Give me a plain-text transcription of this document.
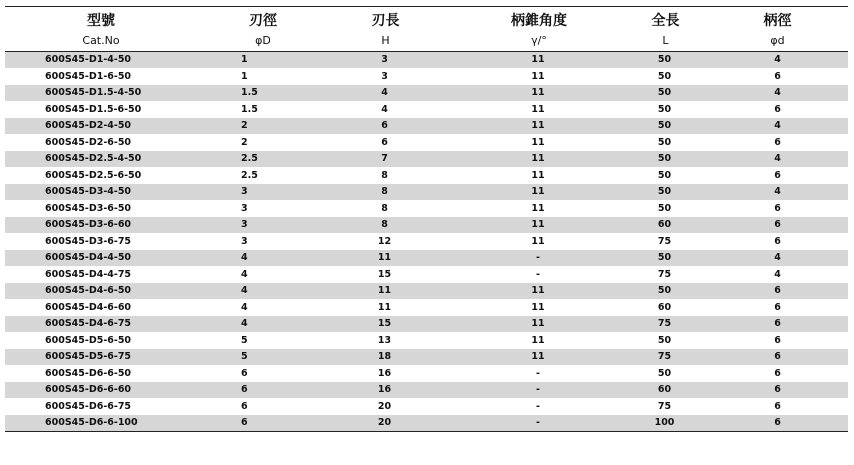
型號	刃徑	刃長	柄錐角度	全長	柄徑
Cat.No	φD	H	γ/°	L	φd
600S45-D1-4-50	1	3	11	50	4
600S45-D1-6-50	1	3	11	50	6
600S45-D1.5-4-50	1.5	4	11	50	4
600S45-D1.5-6-50	1.5	4	11	50	6
600S45-D2-4-50	2	6	11	50	4
600S45-D2-6-50	2	6	11	50	6
600S45-D2.5-4-50	2.5	7	11	50	4
600S45-D2.5-6-50	2.5	8	11	50	6
600S45-D3-4-50	3	8	11	50	4
600S45-D3-6-50	3	8	11	50	6
600S45-D3-6-60	3	8	11	60	6
600S45-D3-6-75	3	12	11	75	6
600S45-D4-4-50	4	11	-	50	4
600S45-D4-4-75	4	15	-	75	4
600S45-D4-6-50	4	11	11	50	6
600S45-D4-6-60	4	11	11	60	6
600S45-D4-6-75	4	15	11	75	6
600S45-D5-6-50	5	13	11	50	6
600S45-D5-6-75	5	18	11	75	6
600S45-D6-6-50	6	16	-	50	6
600S45-D6-6-60	6	16	-	60	6
600S45-D6-6-75	6	20	-	75	6
600S45-D6-6-100	6	20	-	100	6
